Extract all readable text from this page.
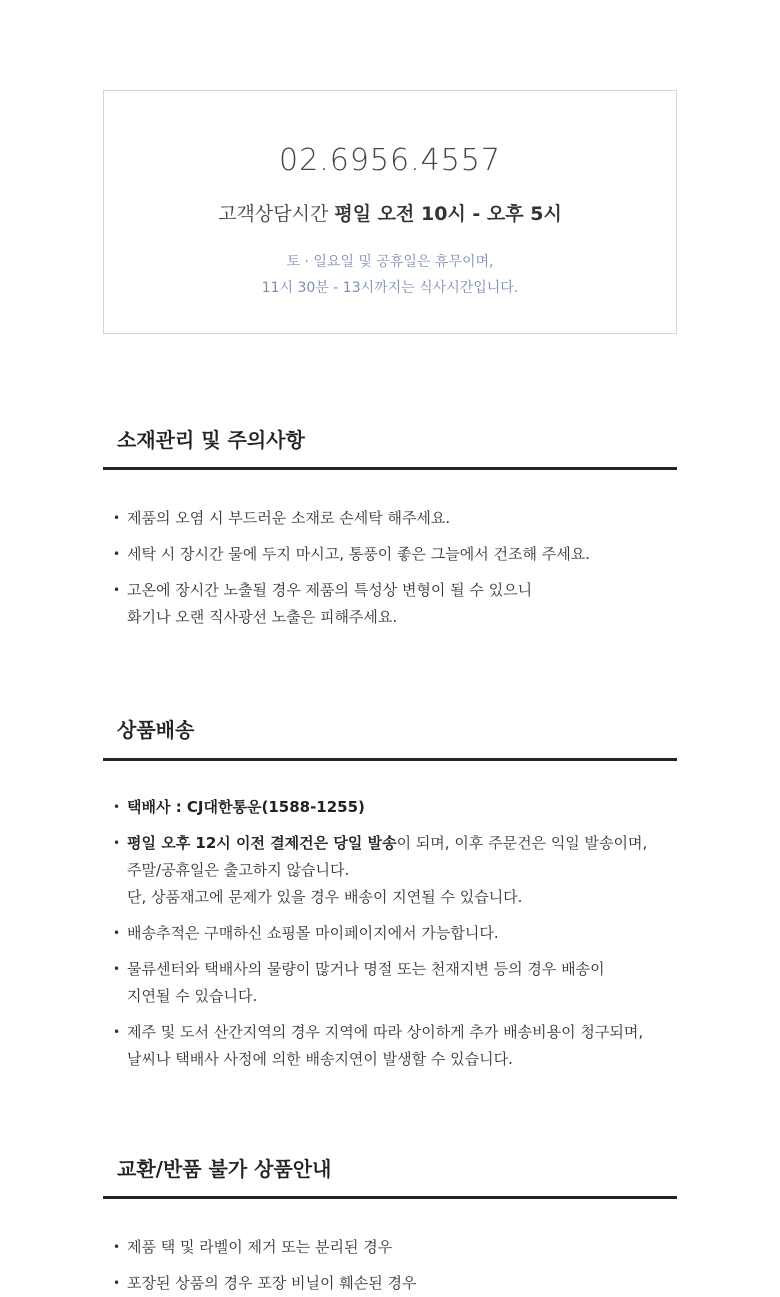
02.6956.4557
고객상담시간 평일 오전 10시 - 오후 5시
토 · 일요일 및 공휴일은 휴무이며,
11시 30분 - 13시까지는 식사시간입니다.
소재관리 및 주의사항
• 제품의 오염 시 부드러운 소재로 손세탁 해주세요.
• 세탁 시 장시간 물에 두지 마시고, 통풍이 좋은 그늘에서 건조해 주세요.
• 고온에 장시간 노출될 경우 제품의 특성상 변형이 될 수 있으니
화기나 오랜 직사광선 노출은 피해주세요.
상품배송
• 택배사 : CJ대한통운(1588-1255)
• 평일 오후 12시 이전 결제건은 당일 발송이 되며, 이후 주문건은 익일 발송이며,
주말/공휴일은 출고하지 않습니다.
단, 상품재고에 문제가 있을 경우 배송이 지연될 수 있습니다.
• 배송추적은 구매하신 쇼핑몰 마이페이지에서 가능합니다.
• 물류센터와 택배사의 물량이 많거나 명절 또는 천재지변 등의 경우 배송이
지연될 수 있습니다.
• 제주 및 도서 산간지역의 경우 지역에 따라 상이하게 추가 배송비용이 청구되며,
날씨나 택배사 사정에 의한 배송지연이 발생할 수 있습니다.
교환/반품 불가 상품안내
• 제품 택 및 라벨이 제거 또는 분리된 경우
• 포장된 상품의 경우 포장 비닐이 훼손된 경우
